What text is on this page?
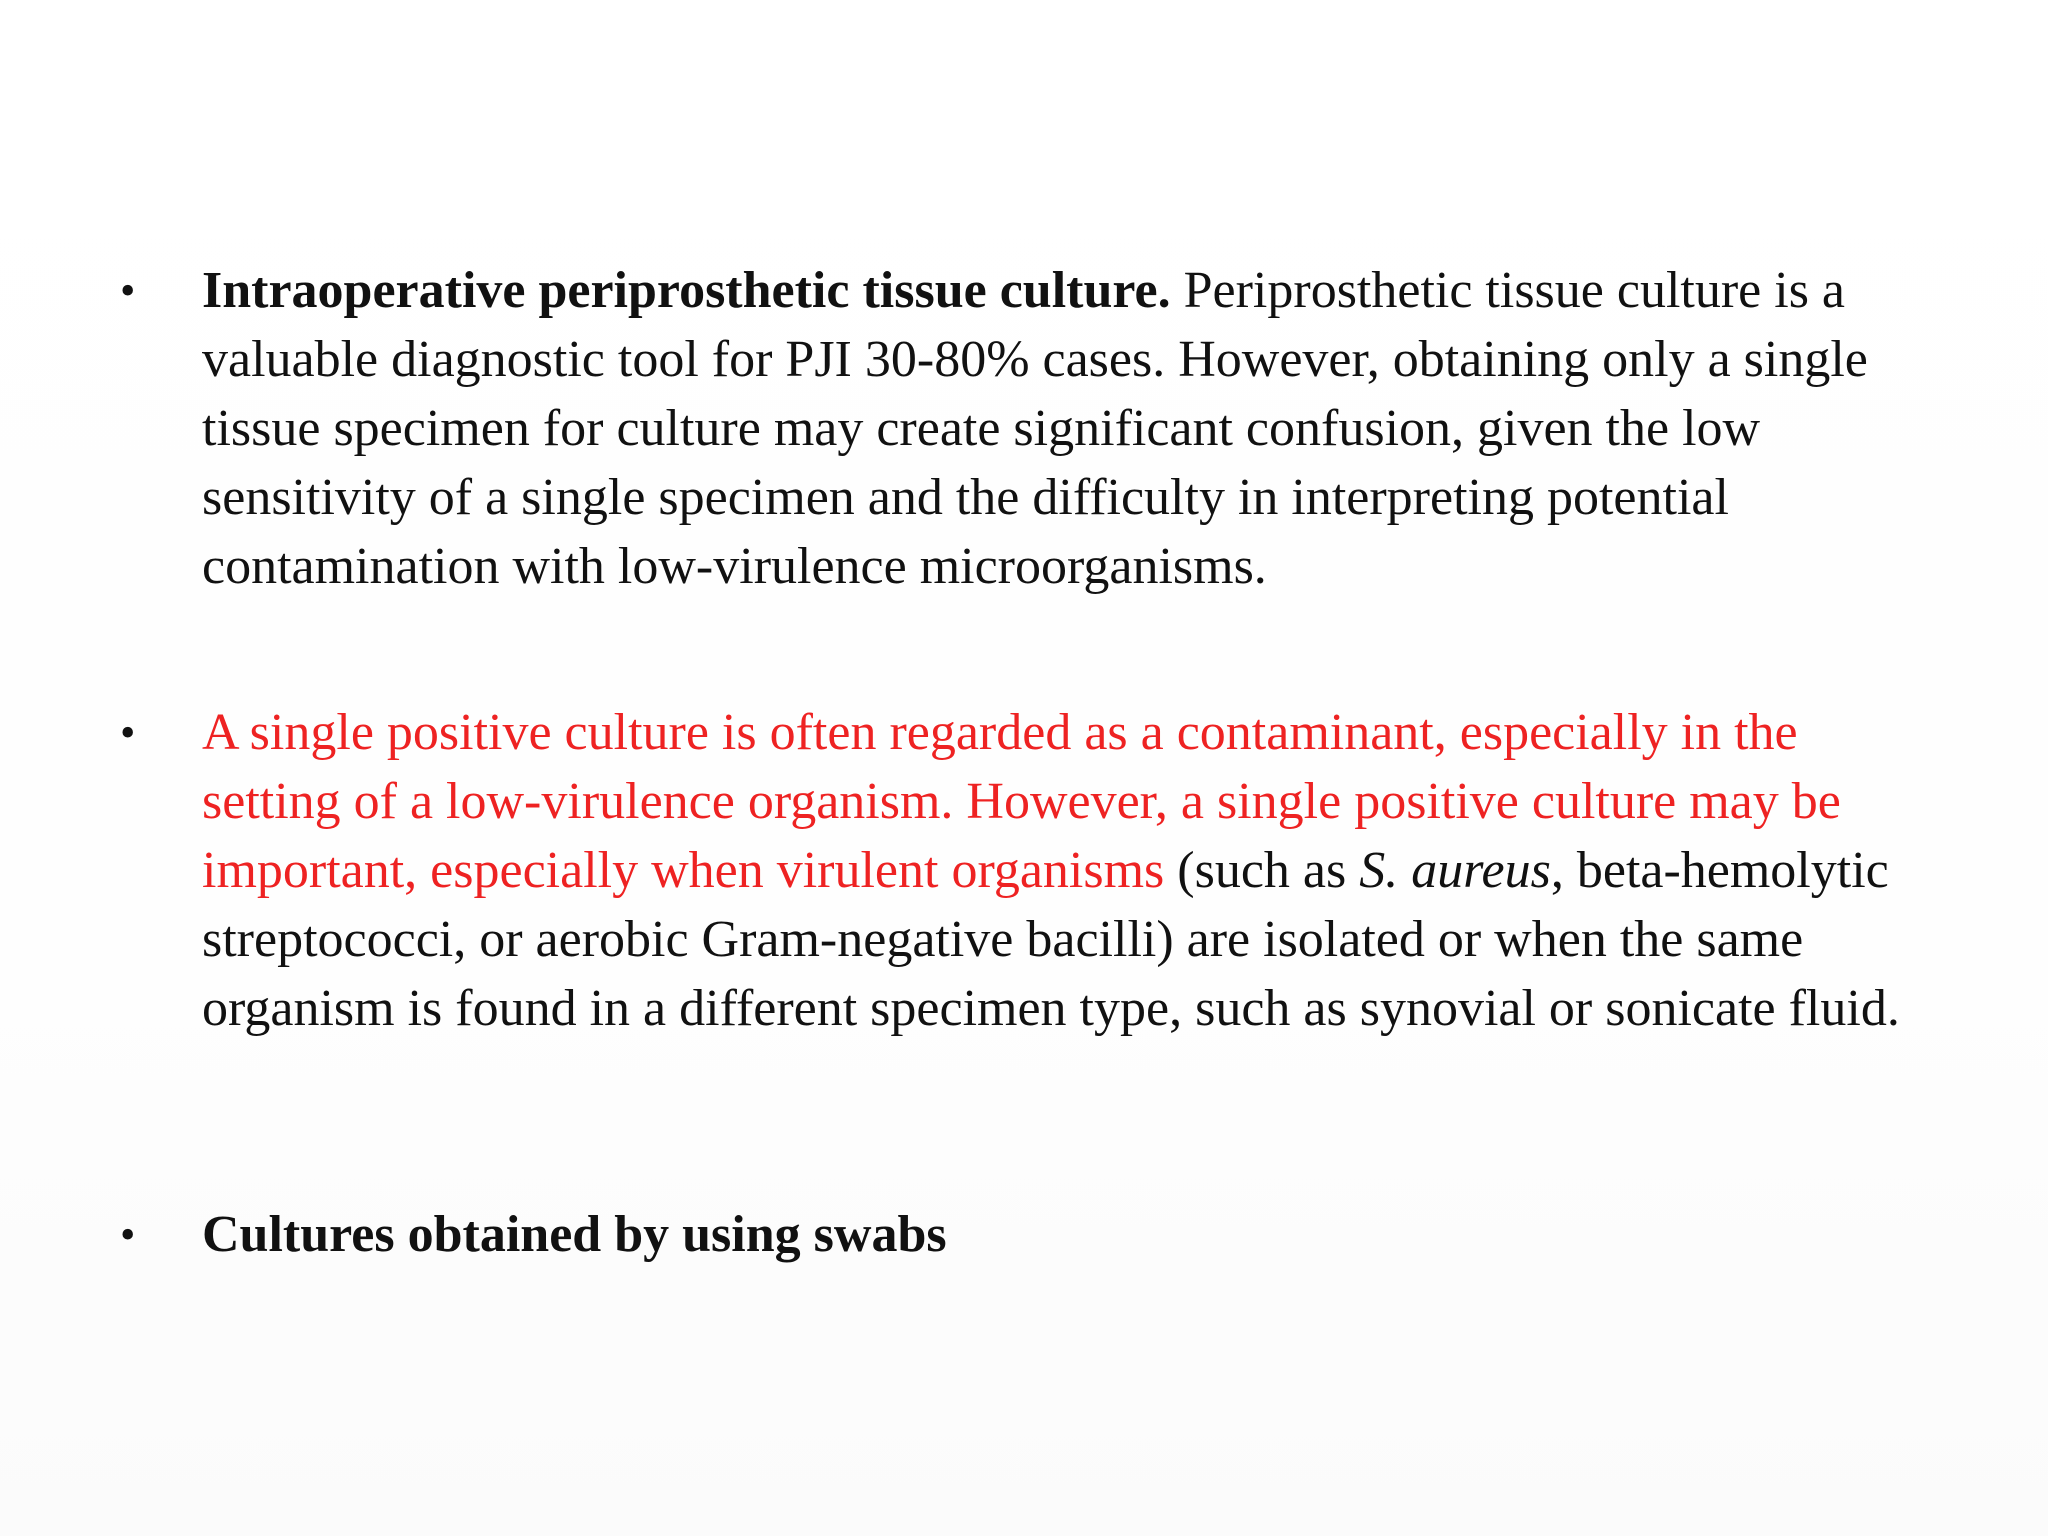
•	Intraoperative periprosthetic tissue culture. Periprosthetic tissue culture is a valuable diagnostic tool for PJI 30-80% cases. However, obtaining only a single tissue specimen for culture may create significant confusion, given the low sensitivity of a single specimen and the difficulty in interpreting potential contamination with low-virulence microorganisms.
•	A single positive culture is often regarded as a contaminant, especially in the setting of a low-virulence organism. However, a single positive culture may be important, especially when virulent organisms (such as S. aureus, beta-hemolytic streptococci, or aerobic Gram-negative bacilli) are isolated or when the same organism is found in a different specimen type, such as synovial or sonicate fluid.
•	Cultures obtained by using swabs
